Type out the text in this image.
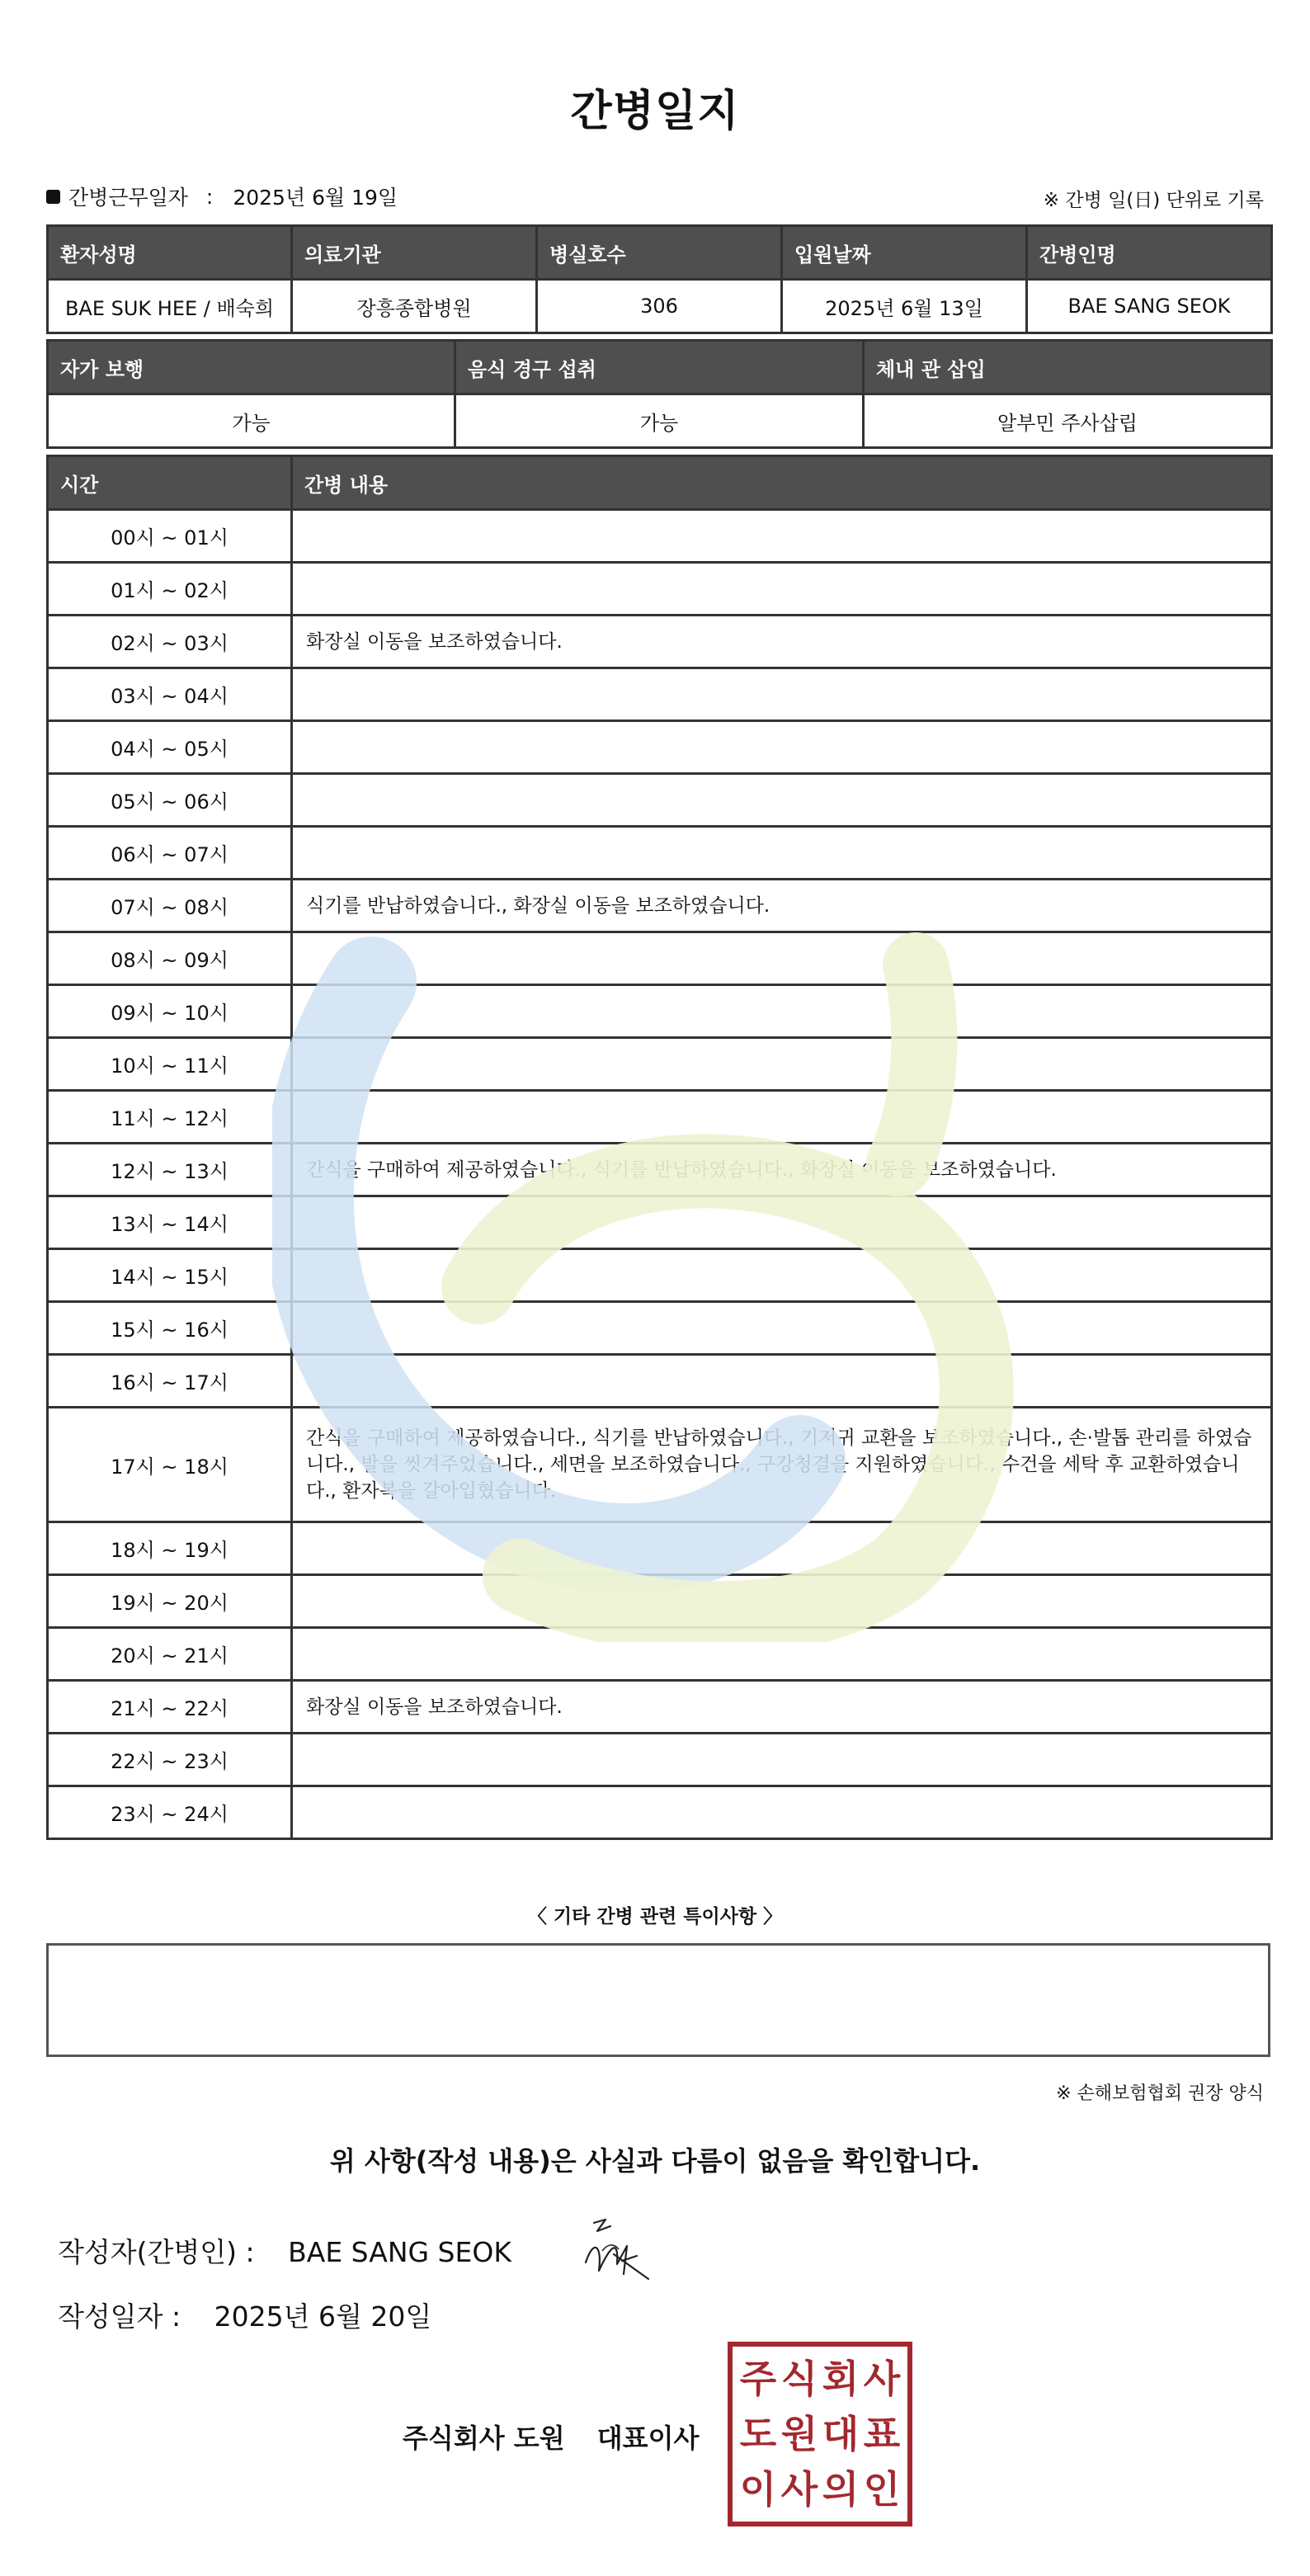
간병일지
간병근무일자 : 2025년 6월 19일	※ 간병 일(日) 단위로 기록
환자성명	의료기관	병실호수	입원날짜	간병인명
BAE SUK HEE / 배숙희	장흥종합병원	306	2025년 6월 13일	BAE SANG SEOK
자가 보행	음식 경구 섭취	체내 관 삽입
가능	가능	알부민 주사삽립
시간	간병 내용
00시 ~ 01시	
01시 ~ 02시	
02시 ~ 03시	화장실 이동을 보조하였습니다.
03시 ~ 04시	
04시 ~ 05시	
05시 ~ 06시	
06시 ~ 07시	
07시 ~ 08시	식기를 반납하였습니다., 화장실 이동을 보조하였습니다.
08시 ~ 09시	
09시 ~ 10시	
10시 ~ 11시	
11시 ~ 12시	
12시 ~ 13시	간식을 구매하여 제공하였습니다., 식기를 반납하였습니다., 화장실 이동을 보조하였습니다.
13시 ~ 14시	
14시 ~ 15시	
15시 ~ 16시	
16시 ~ 17시	
17시 ~ 18시	간식을 구매하여 제공하였습니다., 식기를 반납하였습니다., 기저귀 교환을 보조하였습니다., 손·발톱 관리를 하였습니다., 발을 씻겨주었습니다., 세면을 보조하였습니다., 구강청결을 지원하였습니다., 수건을 세탁 후 교환하였습니다., 환자복을 갈아입혔습니다.
18시 ~ 19시	
19시 ~ 20시	
20시 ~ 21시	
21시 ~ 22시	화장실 이동을 보조하였습니다.
22시 ~ 23시	
23시 ~ 24시	
〈 기타 간병 관련 특이사항 〉
※ 손해보험협회 권장 양식
위 사항(작성 내용)은 사실과 다름이 없음을 확인합니다.
작성자(간병인) : BAE SANG SEOK
작성일자 : 2025년 6월 20일
주식회사 도원 대표이사
주 식 회 사
도 원 대 표
이 사 의 인
